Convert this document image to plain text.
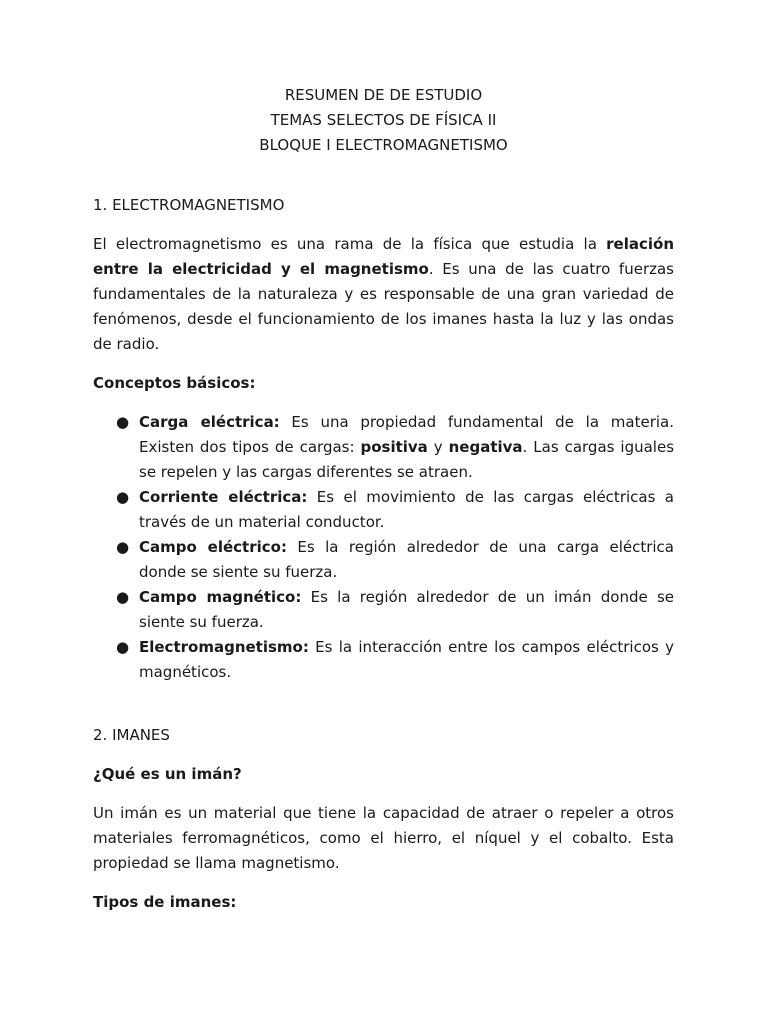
RESUMEN DE DE ESTUDIO
TEMAS SELECTOS DE FÍSICA II
BLOQUE I ELECTROMAGNETISMO
1. ELECTROMAGNETISMO

El electromagnetismo es una rama de la física que estudia la relación entre la electricidad y el magnetismo. Es una de las cuatro fuerzas fundamentales de la naturaleza y es responsable de una gran variedad de fenómenos, desde el funcionamiento de los imanes hasta la luz y las ondas de radio.

Conceptos básicos:
● Carga eléctrica: Es una propiedad fundamental de la materia. Existen dos tipos de cargas: positiva y negativa. Las cargas iguales se repelen y las cargas diferentes se atraen.
● Corriente eléctrica: Es el movimiento de las cargas eléctricas a través de un material conductor.
● Campo eléctrico: Es la región alrededor de una carga eléctrica donde se siente su fuerza.
● Campo magnético: Es la región alrededor de un imán donde se siente su fuerza.
● Electromagnetismo: Es la interacción entre los campos eléctricos y magnéticos.
2. IMANES
¿Qué es un imán?

Un imán es un material que tiene la capacidad de atraer o repeler a otros materiales ferromagnéticos, como el hierro, el níquel y el cobalto. Esta propiedad se llama magnetismo.

Tipos de imanes:
